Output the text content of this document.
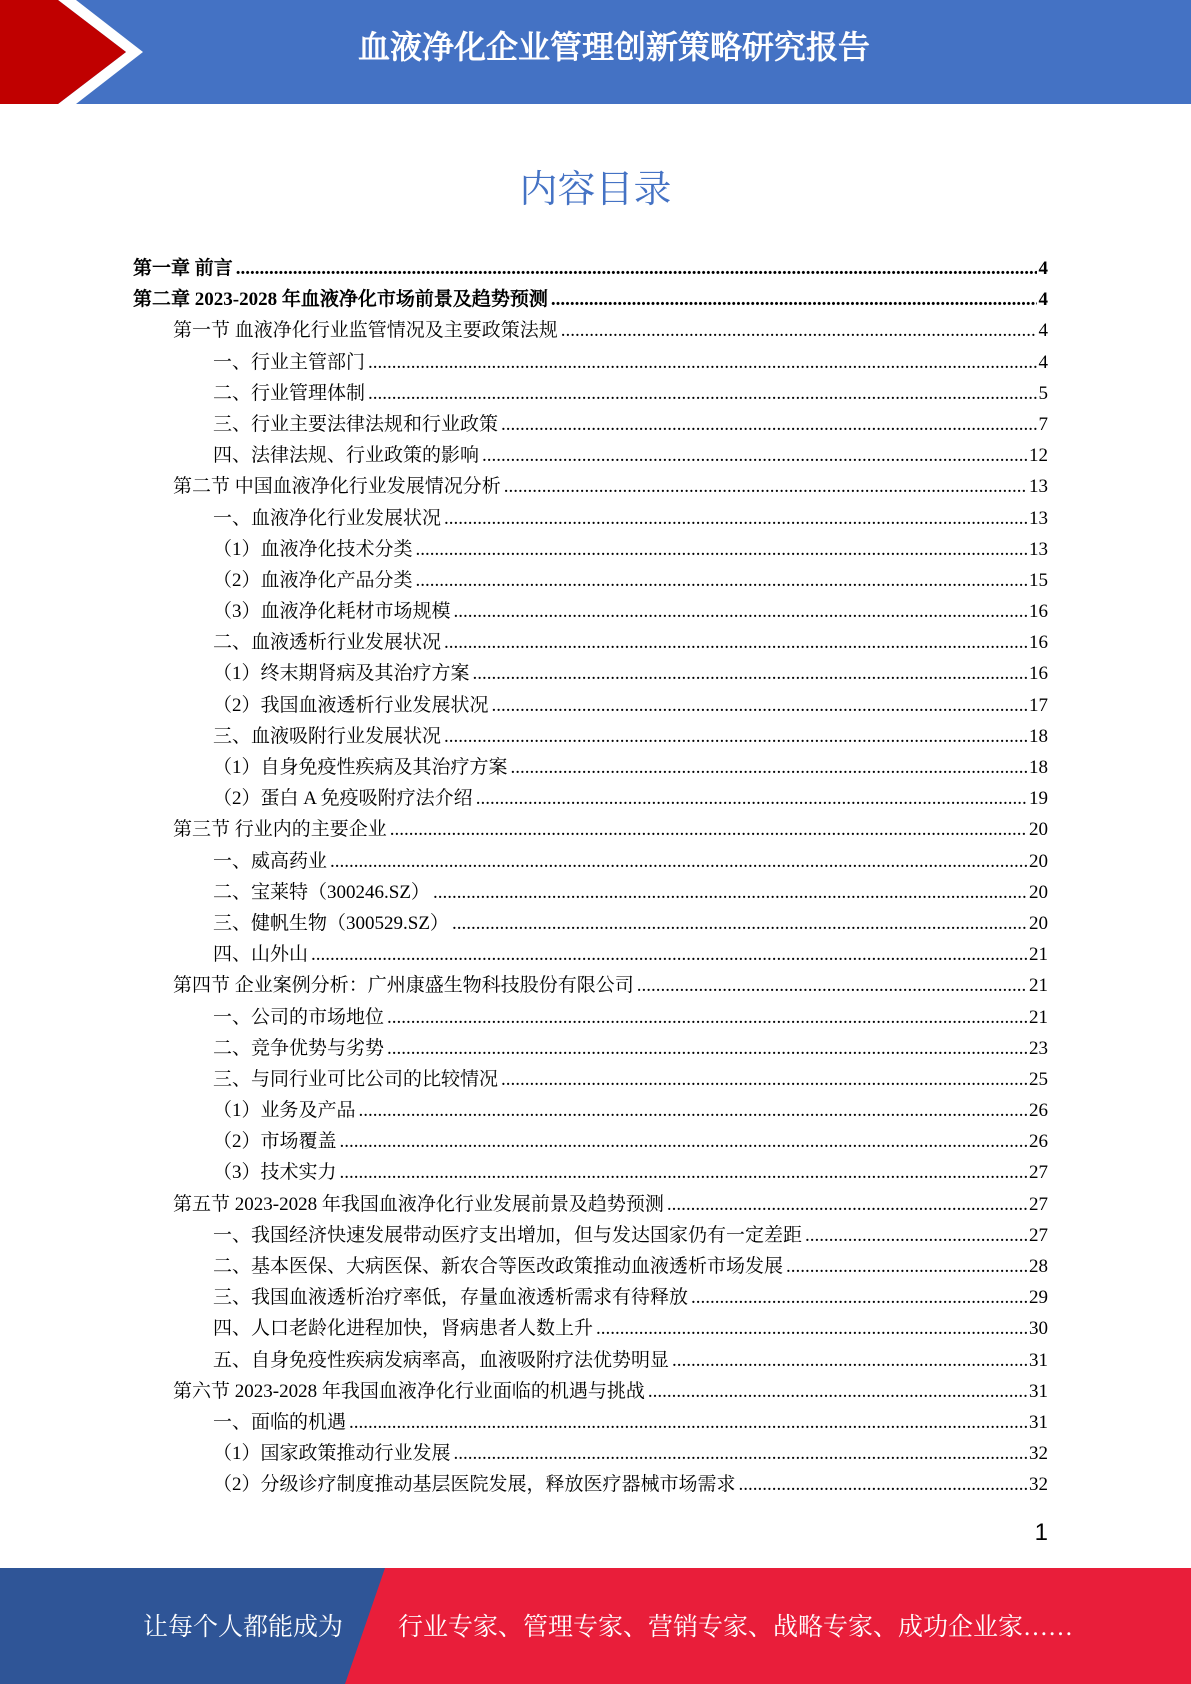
血液净化企业管理创新策略研究报告
内容目录
第一章 前言 .....	4
第二章 2023-2028 年血液净化市场前景及趋势预测 .....	4
第一节 血液净化行业监管情况及主要政策法规 .....	4
一、行业主管部门 .....	4
二、行业管理体制 .....	5
三、行业主要法律法规和行业政策 .....	7
四、法律法规、行业政策的影响 .....	12
第二节 中国血液净化行业发展情况分析 .....	13
一、血液净化行业发展状况 .....	13
（1）血液净化技术分类 .....	13
（2）血液净化产品分类 .....	15
（3）血液净化耗材市场规模 .....	16
二、血液透析行业发展状况 .....	16
（1）终末期肾病及其治疗方案 .....	16
（2）我国血液透析行业发展状况 .....	17
三、血液吸附行业发展状况 .....	18
（1）自身免疫性疾病及其治疗方案 .....	18
（2）蛋白 A 免疫吸附疗法介绍 .....	19
第三节 行业内的主要企业 .....	20
一、威高药业 .....	20
二、宝莱特（300246.SZ） .....	20
三、健帆生物（300529.SZ） .....	20
四、山外山 .....	21
第四节 企业案例分析：广州康盛生物科技股份有限公司 .....	21
一、公司的市场地位 .....	21
二、竞争优势与劣势 .....	23
三、与同行业可比公司的比较情况 .....	25
（1）业务及产品 .....	26
（2）市场覆盖 .....	26
（3）技术实力 .....	27
第五节 2023-2028 年我国血液净化行业发展前景及趋势预测 .....	27
一、我国经济快速发展带动医疗支出增加，但与发达国家仍有一定差距 .....	27
二、基本医保、大病医保、新农合等医改政策推动血液透析市场发展 .....	28
三、我国血液透析治疗率低，存量血液透析需求有待释放 .....	29
四、人口老龄化进程加快，肾病患者人数上升 .....	30
五、自身免疫性疾病发病率高，血液吸附疗法优势明显 .....	31
第六节 2023-2028 年我国血液净化行业面临的机遇与挑战 .....	31
一、面临的机遇 .....	31
（1）国家政策推动行业发展 .....	32
（2）分级诊疗制度推动基层医院发展，释放医疗器械市场需求 .....	32
1
让每个人都能成为 行业专家、管理专家、营销专家、战略专家、成功企业家……
